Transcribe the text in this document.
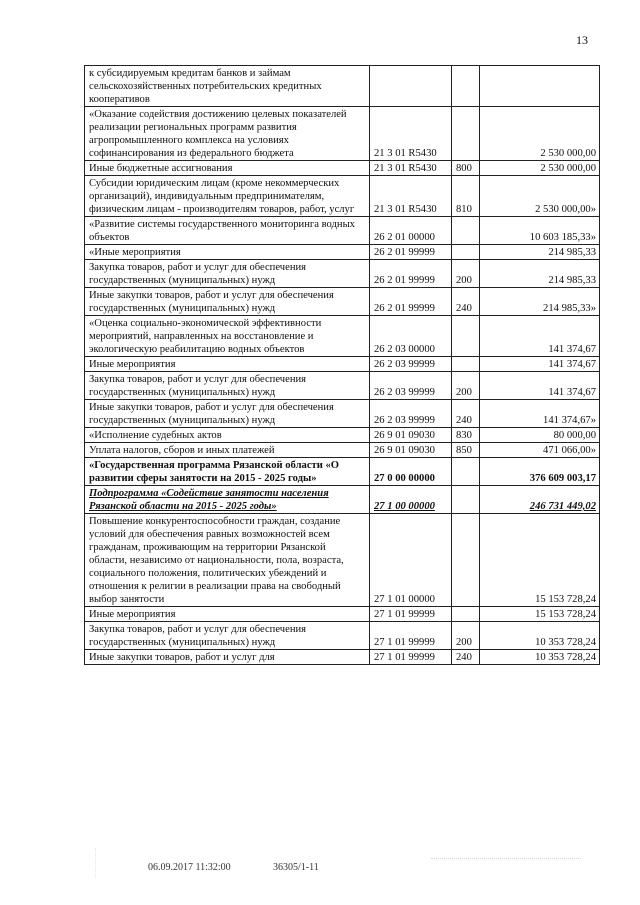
13
к субсидируемым кредитам банков и займам сельскохозяйственных потребительских кредитных кооперативов			
«Оказание содействия достижению целевых показателей реализации региональных программ развития агропромышленного комплекса на условиях софинансирования из федерального бюджета	21 3 01 R5430		2 530 000,00
Иные бюджетные ассигнования	21 3 01 R5430	800	2 530 000,00
Субсидии юридическим лицам (кроме некоммерческих организаций), индивидуальным предпринимателям, физическим лицам - производителям товаров, работ, услуг	21 3 01 R5430	810	2 530 000,00»
«Развитие системы государственного мониторинга водных объектов	26 2 01 00000		10 603 185,33»
«Иные мероприятия	26 2 01 99999		214 985,33
Закупка товаров, работ и услуг для обеспечения государственных (муниципальных) нужд	26 2 01 99999	200	214 985,33
Иные закупки товаров, работ и услуг для обеспечения государственных (муниципальных) нужд	26 2 01 99999	240	214 985,33»
«Оценка социально-экономической эффективности мероприятий, направленных на восстановление и экологическую реабилитацию водных объектов	26 2 03 00000		141 374,67
Иные мероприятия	26 2 03 99999		141 374,67
Закупка товаров, работ и услуг для обеспечения государственных (муниципальных) нужд	26 2 03 99999	200	141 374,67
Иные закупки товаров, работ и услуг для обеспечения государственных (муниципальных) нужд	26 2 03 99999	240	141 374,67»
«Исполнение судебных актов	26 9 01 09030	830	80 000,00
Уплата налогов, сборов и иных платежей	26 9 01 09030	850	471 066,00»
«Государственная программа Рязанской области «О развитии сферы занятости на 2015 - 2025 годы»	27 0 00 00000		376 609 003,17
Подпрограмма «Содействие занятости населения Рязанской области на 2015 - 2025 годы»	27 1 00 00000		246 731 449,02
Повышение конкурентоспособности граждан, создание условий для обеспечения равных возможностей всем гражданам, проживающим на территории Рязанской области, независимо от национальности, пола, возраста, социального положения, политических убеждений и отношения к религии в реализации права на свободный выбор занятости	27 1 01 00000		15 153 728,24
Иные мероприятия	27 1 01 99999		15 153 728,24
Закупка товаров, работ и услуг для обеспечения государственных (муниципальных) нужд	27 1 01 99999	200	10 353 728,24
Иные закупки товаров, работ и услуг для	27 1 01 99999	240	10 353 728,24
06.09.2017 11:32:00	36305/1-11
